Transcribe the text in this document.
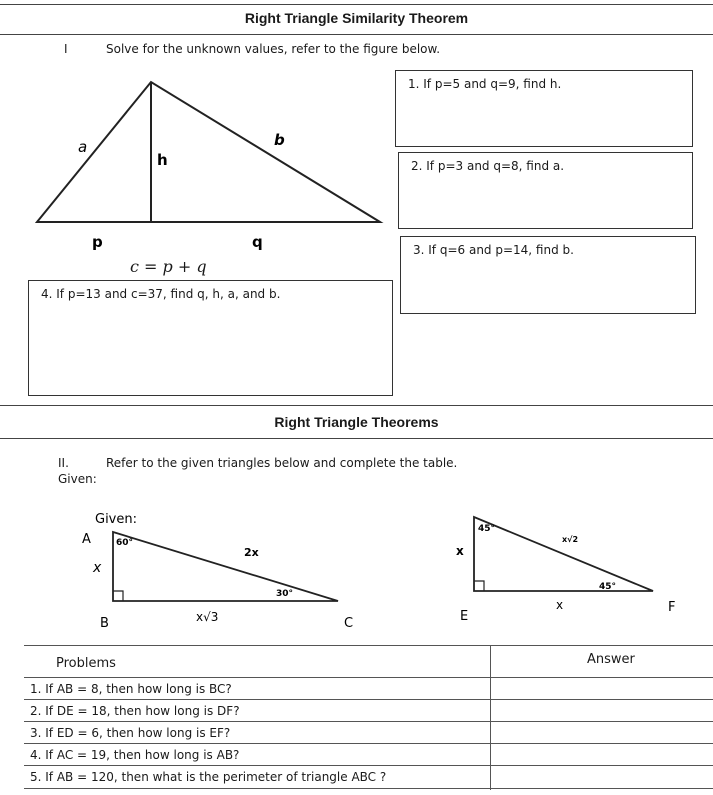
Right Triangle Similarity Theorem
I	Solve for the unknown values, refer to the figure below.
a
h
b
p	q
c = p + q
1. If p=5 and q=9, find h.
2. If p=3 and q=8, find a.
3. If q=6 and p=14, find b.
4. If p=13 and c=37, find q, h, a, and b.
Right Triangle Theorems
II.	Refer to the given triangles below and complete the table.
Given:
Given:
A
B	C
60°
30°
x
2x
x√3
45°
45°
x
x√2
x
E
F
Problems	Answer
1. If AB = 8, then how long is BC?
2. If DE = 18, then how long is DF?
3. If ED = 6, then how long is EF?
4. If AC = 19, then how long is AB?
5. If AB = 120, then what is the perimeter of triangle ABC ?
